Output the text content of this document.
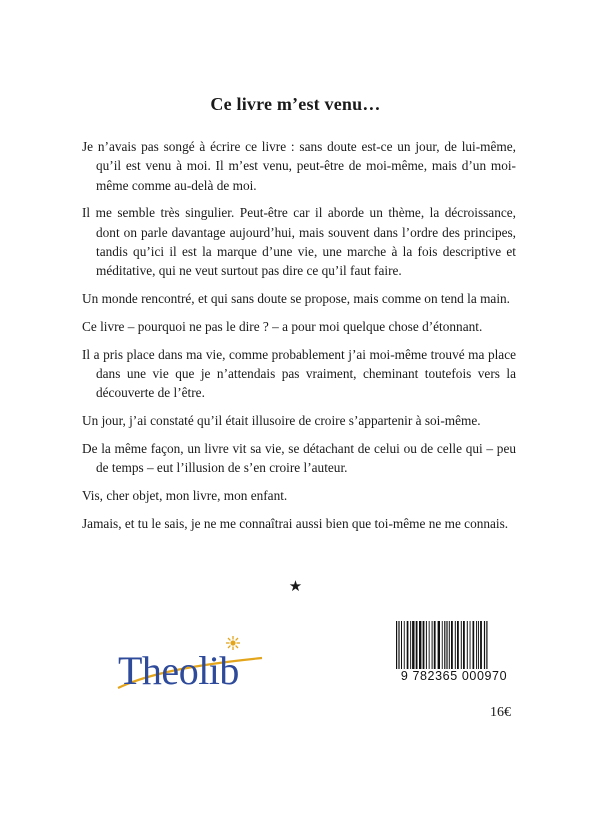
Ce livre m’est venu…

Je n’avais pas songé à écrire ce livre : sans doute est-ce un jour, de lui-même, qu’il est venu à moi. Il m’est venu, peut-être de moi-même, mais d’un moi-même comme au-delà de moi.

Il me semble très singulier. Peut-être car il aborde un thème, la décroissance, dont on parle davantage aujourd’hui, mais souvent dans l’ordre des principes, tandis qu’ici il est la marque d’une vie, une marche à la fois descriptive et méditative, qui ne veut surtout pas dire ce qu’il faut faire.

Un monde rencontré, et qui sans doute se propose, mais comme on tend la main.

Ce livre – pourquoi ne pas le dire ? – a pour moi quelque chose d’étonnant.

Il a pris place dans ma vie, comme probablement j’ai moi-même trouvé ma place dans une vie que je n’attendais pas vraiment, cheminant toutefois vers la découverte de l’être.

Un jour, j’ai constaté qu’il était illusoire de croire s’appartenir à soi-même.

De la même façon, un livre vit sa vie, se détachant de celui ou de celle qui – peu de temps – eut l’illusion de s’en croire l’auteur.

Vis, cher objet, mon livre, mon enfant.

Jamais, et tu le sais, je ne me connaîtrai aussi bien que toi-même ne me connais.

★
Theolib	9 782365 000970
16€
